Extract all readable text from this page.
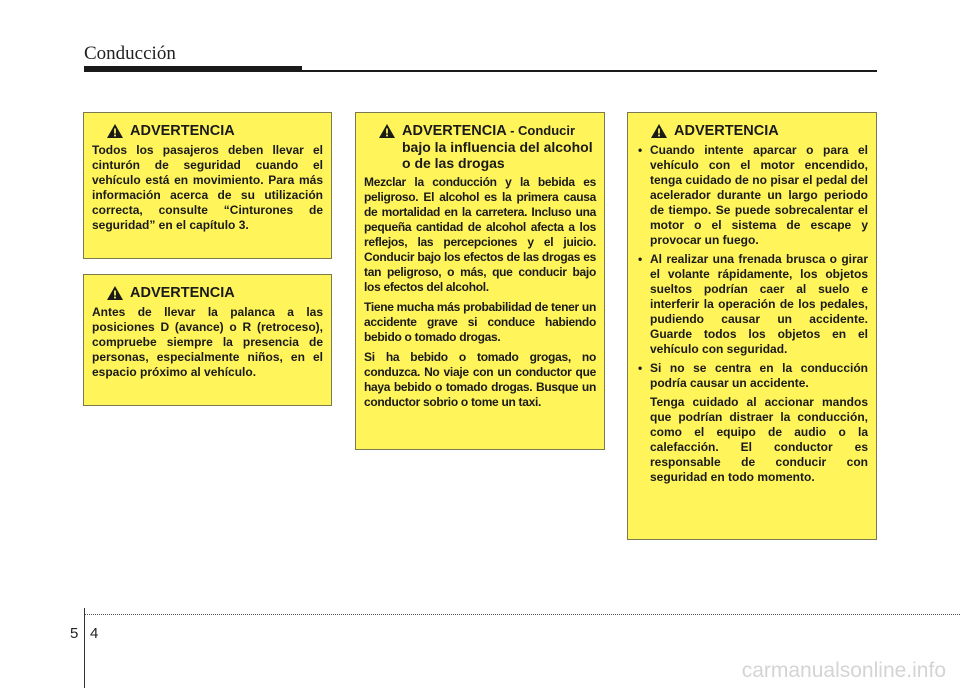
Conducción
ADVERTENCIA

Todos los pasajeros deben llevar el cinturón de seguridad cuando el vehículo está en movimiento. Para más información acerca de su utilización correcta, consulte “Cinturones de seguridad” en el capítulo 3.

ADVERTENCIA

Antes de llevar la palanca a las posiciones D (avance) o R (retroceso), compruebe siempre la presencia de personas, especialmente niños, en el espacio próximo al vehículo.

ADVERTENCIA - Conducir
bajo la influencia del alcohol o de las drogas

Mezclar la conducción y la bebida es peligroso. El alcohol es la primera causa de mortalidad en la carretera. Incluso una pequeña cantidad de alcohol afecta a los reflejos, las percepciones y el juicio. Conducir bajo los efectos de las drogas es tan peligroso, o más, que conducir bajo los efectos del alcohol.

Tiene mucha más probabilidad de tener un accidente grave si conduce habiendo bebido o tomado drogas.

Si ha bebido o tomado grogas, no conduzca. No viaje con un conductor que haya bebido o tomado drogas. Busque un conductor sobrio o tome un taxi.

ADVERTENCIA
• Cuando intente aparcar o para el vehículo con el motor encendido, tenga cuidado de no pisar el pedal del acelerador durante un largo periodo de tiempo. Se puede sobrecalentar el motor o el sistema de escape y provocar un fuego.
• Al realizar una frenada brusca o girar el volante rápidamente, los objetos sueltos podrían caer al suelo e interferir la operación de los pedales, pudiendo causar un accidente. Guarde todos los objetos en el vehículo con seguridad.
• Si no se centra en la conducción podría causar un accidente.
Tenga cuidado al accionar mandos que podrían distraer la conducción, como el equipo de audio o la calefacción. El conductor es responsable de conducir con seguridad en todo momento.
5 4
carmanualsonline.info
